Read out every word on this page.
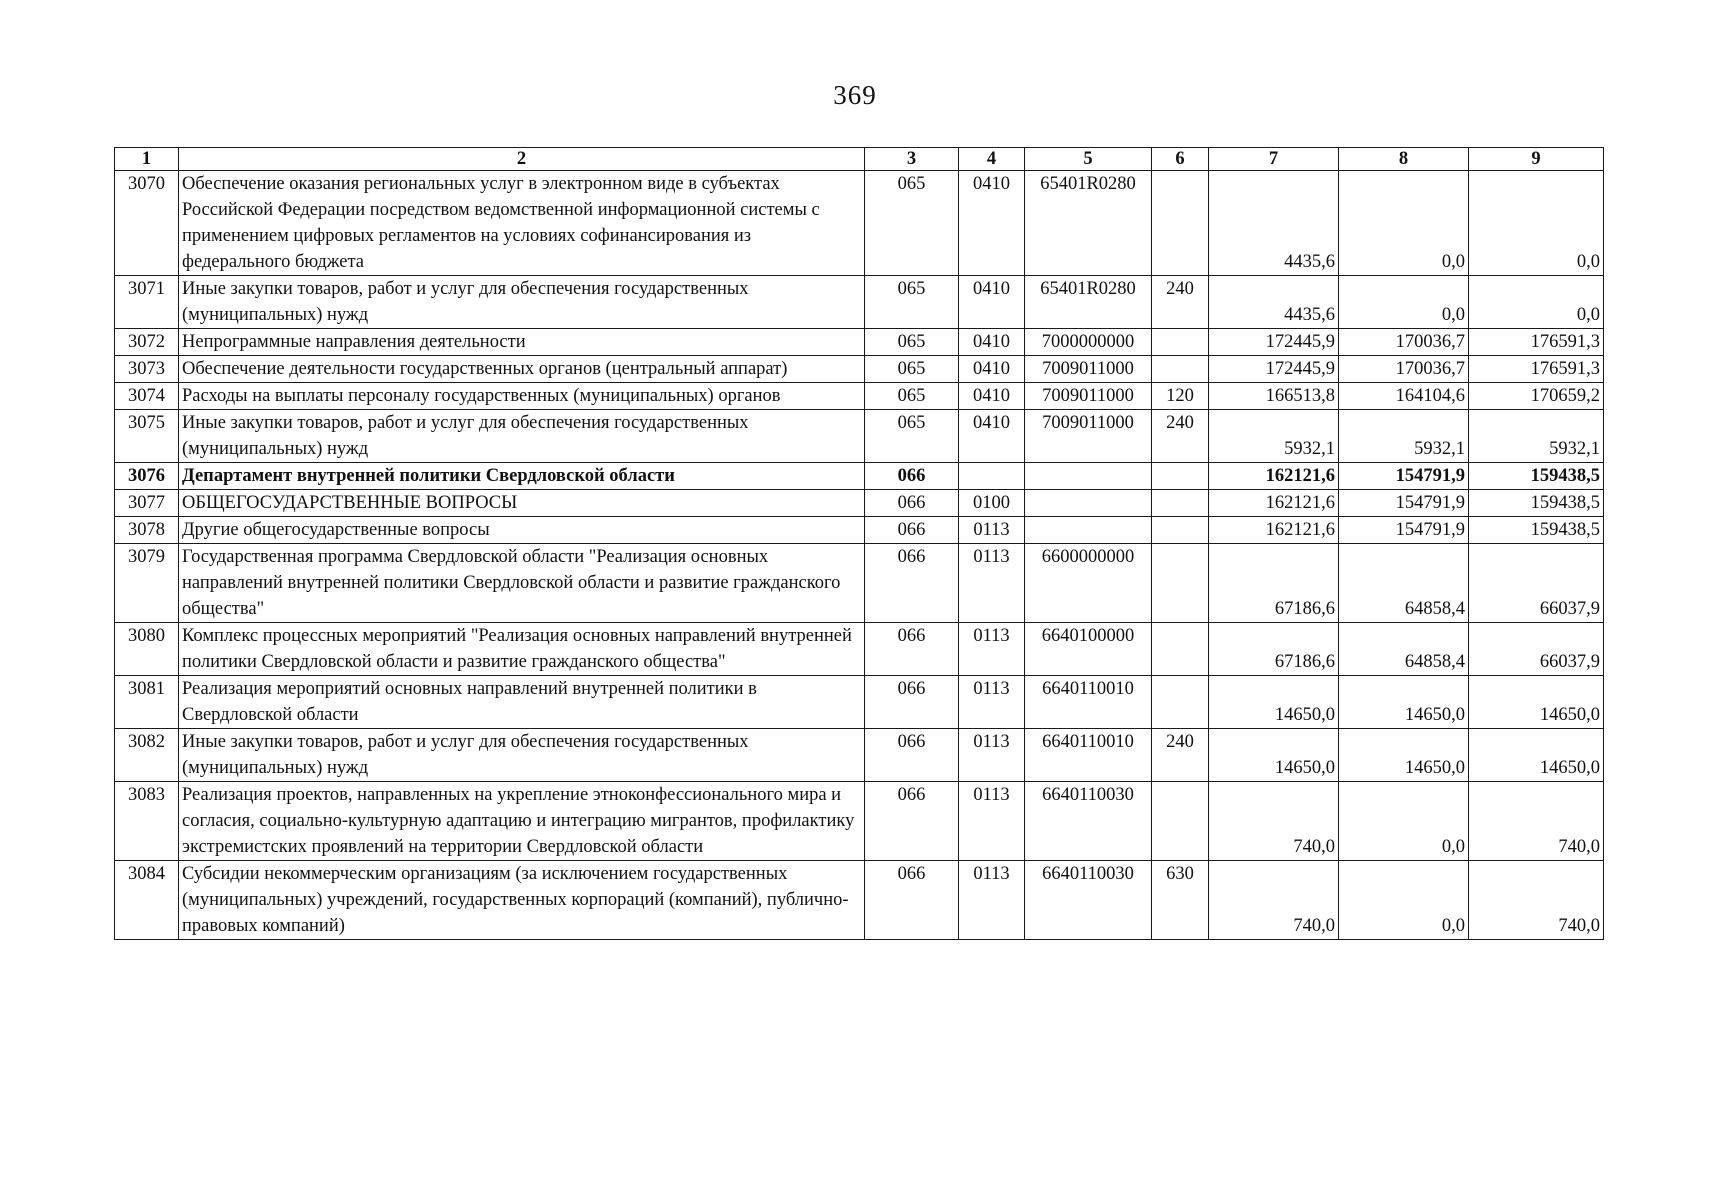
369
1	2	3	4	5	6	7	8	9
3070	Обеспечение оказания региональных услуг в электронном виде в субъектах Российской Федерации посредством ведомственной информационной системы с применением цифровых регламентов на условиях софинансирования из федерального бюджета	065	0410	65401R0280		4435,6	0,0	0,0
3071	Иные закупки товаров, работ и услуг для обеспечения государственных (муниципальных) нужд	065	0410	65401R0280	240	4435,6	0,0	0,0
3072	Непрограммные направления деятельности	065	0410	7000000000		172445,9	170036,7	176591,3
3073	Обеспечение деятельности государственных органов (центральный аппарат)	065	0410	7009011000		172445,9	170036,7	176591,3
3074	Расходы на выплаты персоналу государственных (муниципальных) органов	065	0410	7009011000	120	166513,8	164104,6	170659,2
3075	Иные закупки товаров, работ и услуг для обеспечения государственных (муниципальных) нужд	065	0410	7009011000	240	5932,1	5932,1	5932,1
3076	Департамент внутренней политики Свердловской области	066				162121,6	154791,9	159438,5
3077	ОБЩЕГОСУДАРСТВЕННЫЕ ВОПРОСЫ	066	0100			162121,6	154791,9	159438,5
3078	Другие общегосударственные вопросы	066	0113			162121,6	154791,9	159438,5
3079	Государственная программа Свердловской области "Реализация основных направлений внутренней политики Свердловской области и развитие гражданского общества"	066	0113	6600000000		67186,6	64858,4	66037,9
3080	Комплекс процессных мероприятий "Реализация основных направлений внутренней политики Свердловской области и развитие гражданского общества"	066	0113	6640100000		67186,6	64858,4	66037,9
3081	Реализация мероприятий основных направлений внутренней политики в Свердловской области	066	0113	6640110010		14650,0	14650,0	14650,0
3082	Иные закупки товаров, работ и услуг для обеспечения государственных (муниципальных) нужд	066	0113	6640110010	240	14650,0	14650,0	14650,0
3083	Реализация проектов, направленных на укрепление этноконфессионального мира и согласия, социально-культурную адаптацию и интеграцию мигрантов, профилактику экстремистских проявлений на территории Свердловской области	066	0113	6640110030		740,0	0,0	740,0
3084	Субсидии некоммерческим организациям (за исключением государственных (муниципальных) учреждений, государственных корпораций (компаний), публично-правовых компаний)	066	0113	6640110030	630	740,0	0,0	740,0
